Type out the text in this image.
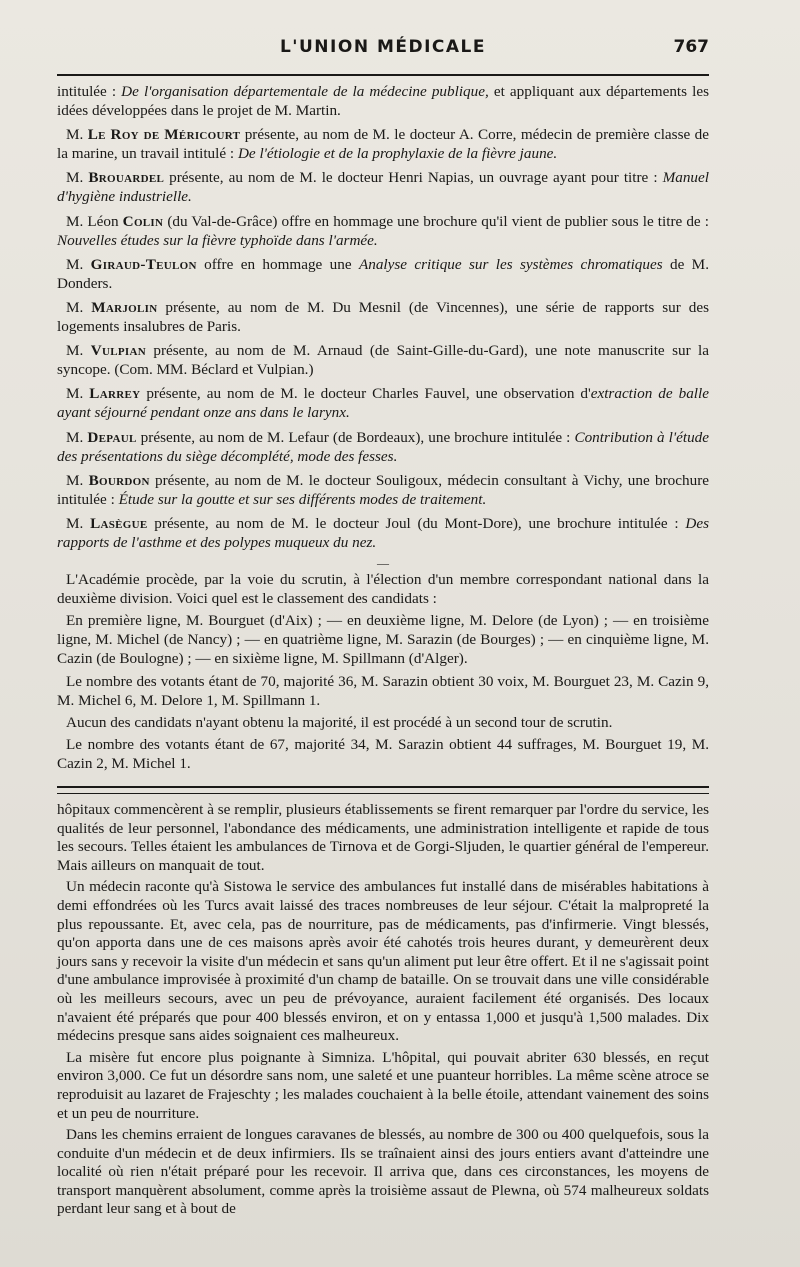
L'UNION MÉDICALE	767

intitulée : De l'organisation départementale de la médecine publique, et appliquant aux départements les idées développées dans le projet de M. Martin.

M. Le Roy de Méricourt présente, au nom de M. le docteur A. Corre, médecin de première classe de la marine, un travail intitulé : De l'étiologie et de la prophylaxie de la fièvre jaune.

M. Brouardel présente, au nom de M. le docteur Henri Napias, un ouvrage ayant pour titre : Manuel d'hygiène industrielle.

M. Léon Colin (du Val-de-Grâce) offre en hommage une brochure qu'il vient de publier sous le titre de : Nouvelles études sur la fièvre typhoïde dans l'armée.

M. Giraud-Teulon offre en hommage une Analyse critique sur les systèmes chromatiques de M. Donders.

M. Marjolin présente, au nom de M. Du Mesnil (de Vincennes), une série de rapports sur des logements insalubres de Paris.

M. Vulpian présente, au nom de M. Arnaud (de Saint-Gille-du-Gard), une note manuscrite sur la syncope. (Com. MM. Béclard et Vulpian.)

M. Larrey présente, au nom de M. le docteur Charles Fauvel, une observation d'extraction de balle ayant séjourné pendant onze ans dans le larynx.

M. Depaul présente, au nom de M. Lefaur (de Bordeaux), une brochure intitulée : Contribution à l'étude des présentations du siège décomplété, mode des fesses.

M. Bourdon présente, au nom de M. le docteur Souligoux, médecin consultant à Vichy, une brochure intitulée : Étude sur la goutte et sur ses différents modes de traitement.

M. Lasègue présente, au nom de M. le docteur Joul (du Mont-Dore), une brochure intitulée : Des rapports de l'asthme et des polypes muqueux du nez.

—

L'Académie procède, par la voie du scrutin, à l'élection d'un membre correspondant national dans la deuxième division. Voici quel est le classement des candidats :

En première ligne, M. Bourguet (d'Aix) ; — en deuxième ligne, M. Delore (de Lyon) ; — en troisième ligne, M. Michel (de Nancy) ; — en quatrième ligne, M. Sarazin (de Bourges) ; — en cinquième ligne, M. Cazin (de Boulogne) ; — en sixième ligne, M. Spillmann (d'Alger).

Le nombre des votants étant de 70, majorité 36, M. Sarazin obtient 30 voix, M. Bourguet 23, M. Cazin 9, M. Michel 6, M. Delore 1, M. Spillmann 1.

Aucun des candidats n'ayant obtenu la majorité, il est procédé à un second tour de scrutin.

Le nombre des votants étant de 67, majorité 34, M. Sarazin obtient 44 suffrages, M. Bourguet 19, M. Cazin 2, M. Michel 1.

hôpitaux commencèrent à se remplir, plusieurs établissements se firent remarquer par l'ordre du service, les qualités de leur personnel, l'abondance des médicaments, une administration intelligente et rapide de tous les secours. Telles étaient les ambulances de Tirnova et de Gorgi-Sljuden, le quartier général de l'empereur. Mais ailleurs on manquait de tout.

Un médecin raconte qu'à Sistowa le service des ambulances fut installé dans de misérables habitations à demi effondrées où les Turcs avait laissé des traces nombreuses de leur séjour. C'était la malpropreté la plus repoussante. Et, avec cela, pas de nourriture, pas de médicaments, pas d'infirmerie. Vingt blessés, qu'on apporta dans une de ces maisons après avoir été cahotés trois heures durant, y demeurèrent deux jours sans y recevoir la visite d'un médecin et sans qu'un aliment put leur être offert. Et il ne s'agissait point d'une ambulance improvisée à proximité d'un champ de bataille. On se trouvait dans une ville considérable où les meilleurs secours, avec un peu de prévoyance, auraient facilement été organisés. Des locaux n'avaient été préparés que pour 400 blessés environ, et on y entassa 1,000 et jusqu'à 1,500 malades. Dix médecins presque sans aides soignaient ces malheureux.

La misère fut encore plus poignante à Simniza. L'hôpital, qui pouvait abriter 630 blessés, en reçut environ 3,000. Ce fut un désordre sans nom, une saleté et une puanteur horribles. La même scène atroce se reproduisit au lazaret de Frajeschty ; les malades couchaient à la belle étoile, attendant vainement des soins et un peu de nourriture.

Dans les chemins erraient de longues caravanes de blessés, au nombre de 300 ou 400 quelquefois, sous la conduite d'un médecin et de deux infirmiers. Ils se traînaient ainsi des jours entiers avant d'atteindre une localité où rien n'était préparé pour les recevoir. Il arriva que, dans ces circonstances, les moyens de transport manquèrent absolument, comme après la troisième assaut de Plewna, où 574 malheureux soldats perdant leur sang et à bout de
